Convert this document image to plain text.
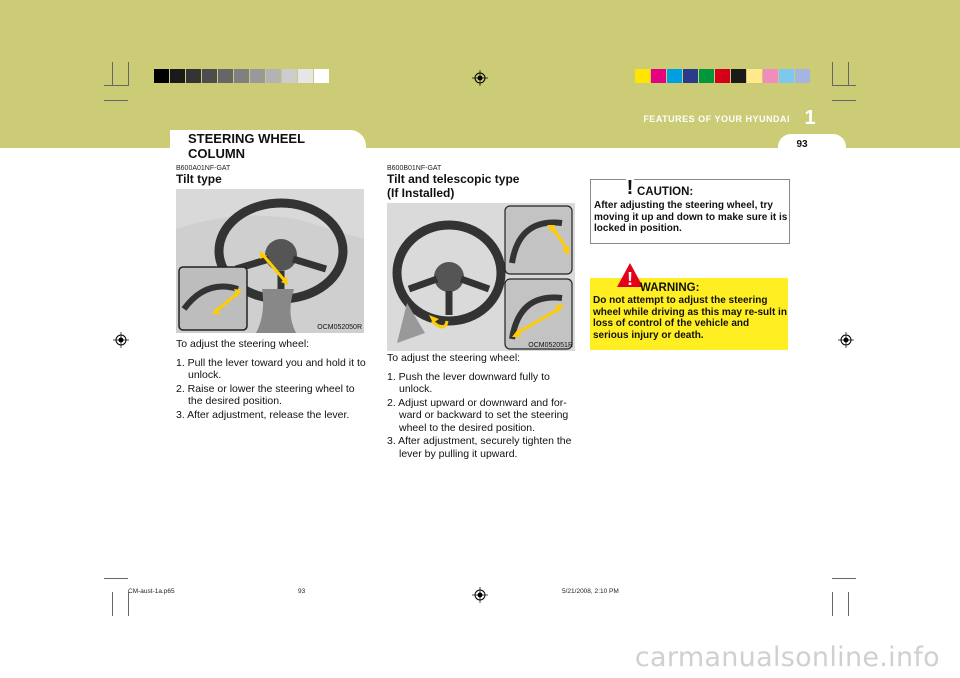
FEATURES OF YOUR HYUNDAI 1
93
STEERING WHEEL COLUMN
B600A01NF-GAT
Tilt type
OCM052050R
To adjust the steering wheel:
1. Pull the lever toward you and hold it to unlock.
2. Raise or lower the steering wheel to the desired position.
3. After adjustment, release the lever.
B600B01NF-GAT
Tilt and telescopic type
(If Installed)
OCM052051R
To adjust the steering wheel:
1. Push the lever downward fully to unlock.
2. Adjust upward or downward and for-ward or backward to set the steering wheel to the desired position.
3. After adjustment, securely tighten the lever by pulling it upward.
! CAUTION:
After adjusting the steering wheel, try moving it up and down to make sure it is locked in position.
! WARNING:
Do not attempt to adjust the steering wheel while driving as this may re-sult in loss of control of the vehicle and serious injury or death.
CM-aust-1a.p65	93	5/21/2008, 2:10 PM
carmanualsonline.info
